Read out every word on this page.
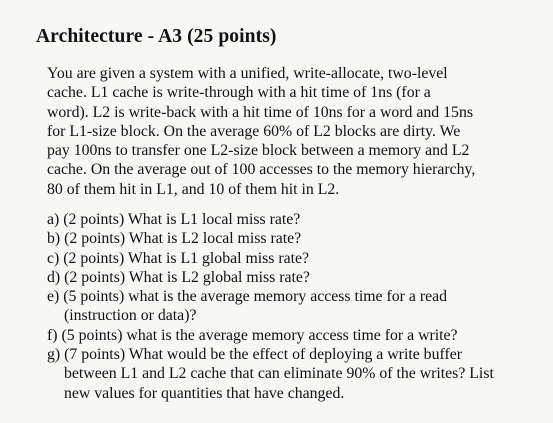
Architecture - A3 (25 points)
You are given a system with a unified, write-allocate, two-level
cache. L1 cache is write-through with a hit time of 1ns (for a
word). L2 is write-back with a hit time of 10ns for a word and 15ns
for L1-size block. On the average 60% of L2 blocks are dirty. We
pay 100ns to transfer one L2-size block between a memory and L2
cache. On the average out of 100 accesses to the memory hierarchy,
80 of them hit in L1, and 10 of them hit in L2.
a) (2 points) What is L1 local miss rate?
b) (2 points) What is L2 local miss rate?
c) (2 points) What is L1 global miss rate?
d) (2 points) What is L2 global miss rate?
e) (5 points) what is the average memory access time for a read
(instruction or data)?
f) (5 points) what is the average memory access time for a write?
g) (7 points) What would be the effect of deploying a write buffer
between L1 and L2 cache that can eliminate 90% of the writes? List
new values for quantities that have changed.
